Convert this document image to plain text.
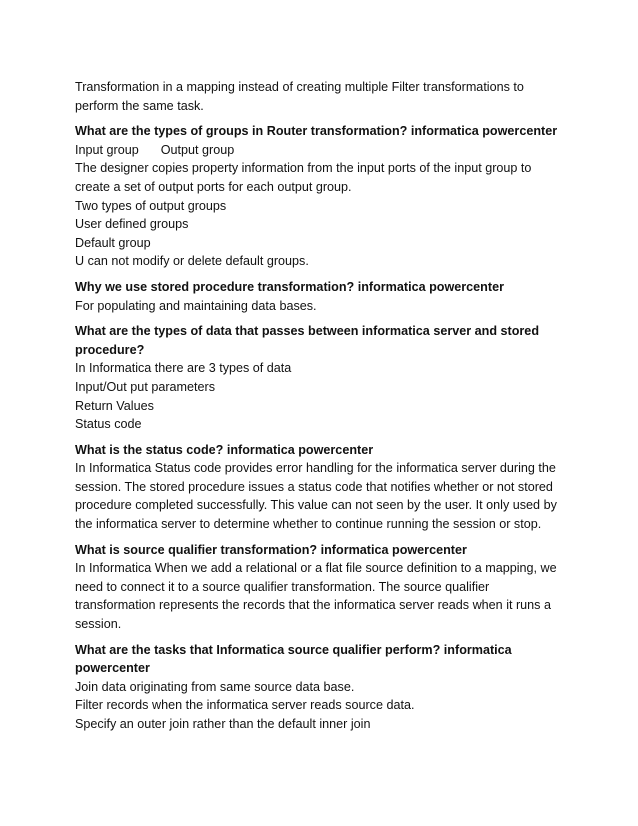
Transformation in a mapping instead of creating multiple Filter transformations to perform the same task.

What are the types of groups in Router transformation? informatica powercenter

Input group Output group

The designer copies property information from the input ports of the input group to create a set of output ports for each output group.

Two types of output groups
User defined groups
Default group
U can not modify or delete default groups.

Why we use stored procedure transformation? informatica powercenter

For populating and maintaining data bases.

What are the types of data that passes between informatica server and stored procedure?

In Informatica there are 3 types of data
Input/Out put parameters
Return Values
Status code

What is the status code? informatica powercenter

In Informatica Status code provides error handling for the informatica server during the session. The stored procedure issues a status code that notifies whether or not stored procedure completed successfully. This value can not seen by the user. It only used by the informatica server to determine whether to continue running the session or stop.

What is source qualifier transformation? informatica powercenter

In Informatica When we add a relational or a flat file source definition to a mapping, we need to connect it to a source qualifier transformation. The source qualifier transformation represents the records that the informatica server reads when it runs a session.

What are the tasks that Informatica source qualifier perform? informatica powercenter

Join data originating from same source data base.
Filter records when the informatica server reads source data.
Specify an outer join rather than the default inner join
